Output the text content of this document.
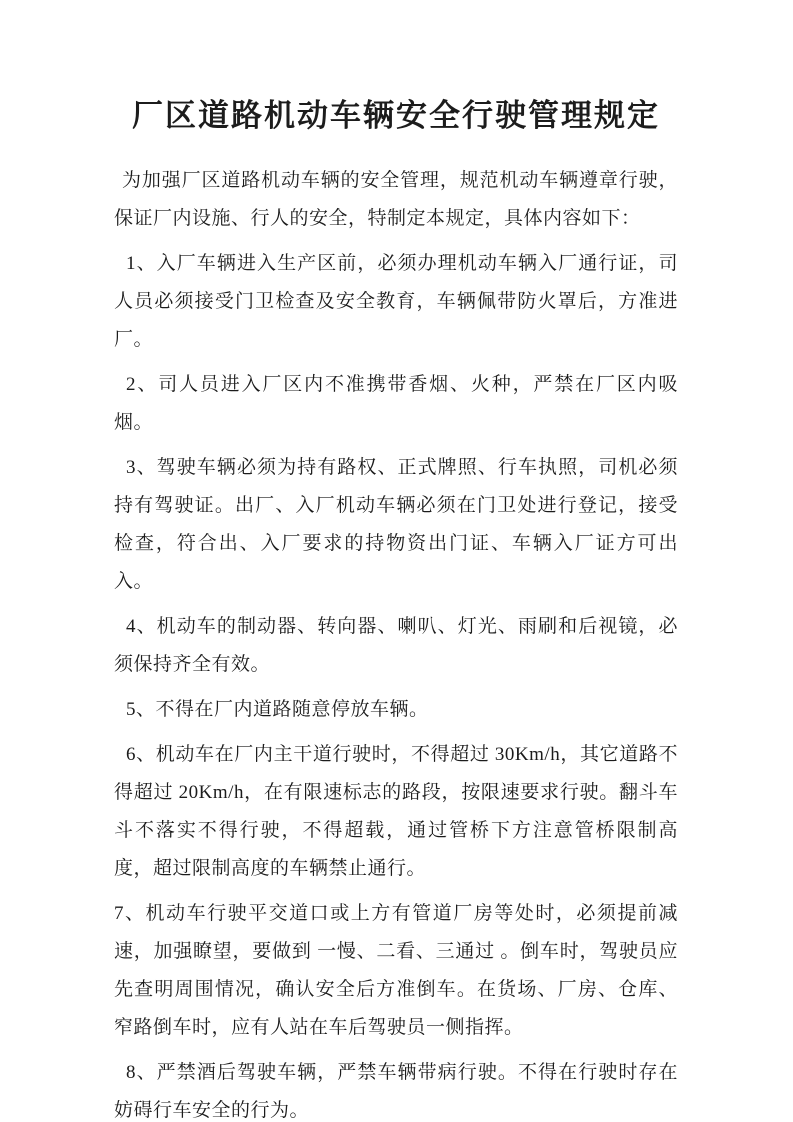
厂区道路机动车辆安全行驶管理规定

为加强厂区道路机动车辆的安全管理，规范机动车辆遵章行驶，保证厂内设施、行人的安全，特制定本规定，具体内容如下：

1、入厂车辆进入生产区前，必须办理机动车辆入厂通行证，司人员必须接受门卫检查及安全教育，车辆佩带防火罩后，方准进厂。

2、司人员进入厂区内不准携带香烟、火种，严禁在厂区内吸烟。

3、驾驶车辆必须为持有路权、正式牌照、行车执照，司机必须持有驾驶证。出厂、入厂机动车辆必须在门卫处进行登记，接受检查，符合出、入厂要求的持物资出门证、车辆入厂证方可出入。

4、机动车的制动器、转向器、喇叭、灯光、雨刷和后视镜，必须保持齐全有效。

5、不得在厂内道路随意停放车辆。

6、机动车在厂内主干道行驶时，不得超过 30Km/h，其它道路不得超过 20Km/h，在有限速标志的路段，按限速要求行驶。翻斗车斗不落实不得行驶，不得超载，通过管桥下方注意管桥限制高度，超过限制高度的车辆禁止通行。

7、机动车行驶平交道口或上方有管道厂房等处时，必须提前减速，加强瞭望，要做到 一慢、二看、三通过 。倒车时，驾驶员应先查明周围情况，确认安全后方准倒车。在货场、厂房、仓库、窄路倒车时，应有人站在车后驾驶员一侧指挥。

8、严禁酒后驾驶车辆，严禁车辆带病行驶。不得在行驶时存在妨碍行车安全的行为。
